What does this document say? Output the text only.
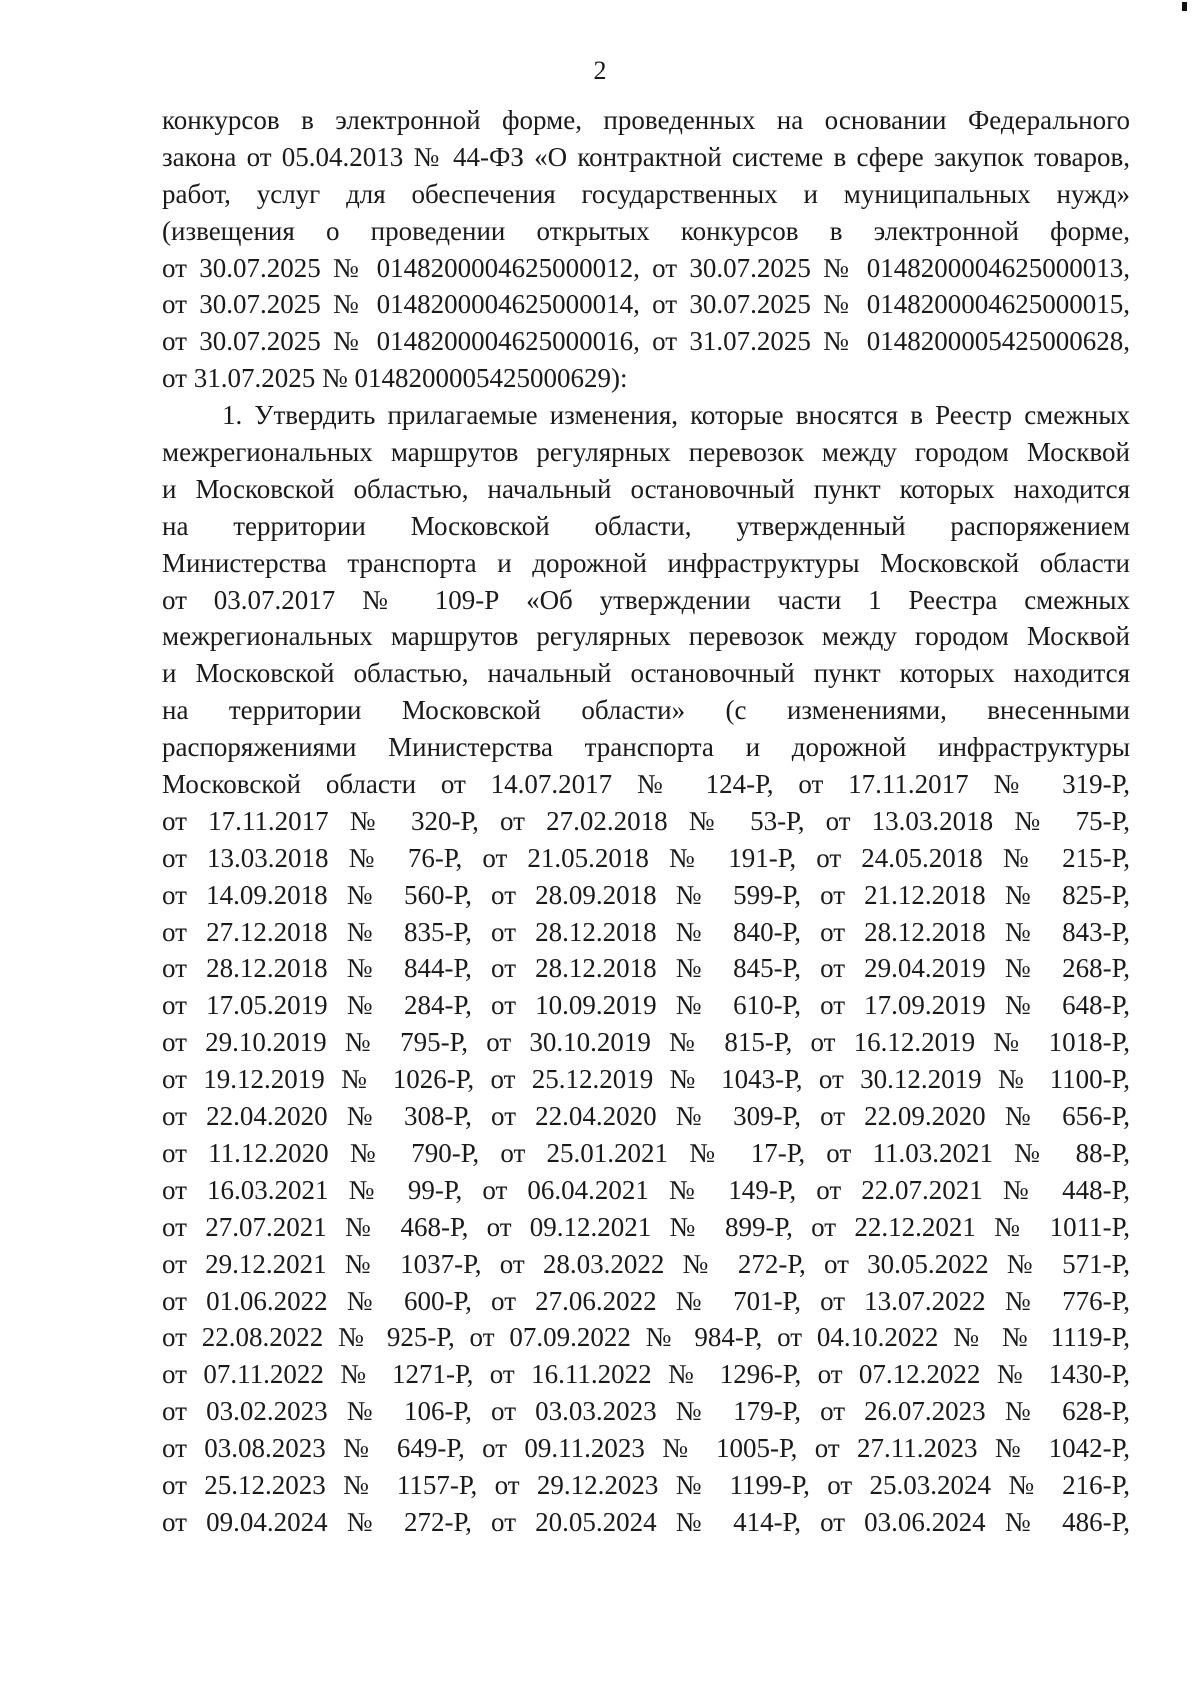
2

конкурсов в электронной форме, проведенных на основании Федерального
закона от 05.04.2013 № 44-ФЗ «О контрактной системе в сфере закупок товаров,
работ, услуг для обеспечения государственных и муниципальных нужд»
(извещения о проведении открытых конкурсов в электронной форме,
от 30.07.2025 № 0148200004625000012, от 30.07.2025 № 0148200004625000013,
от 30.07.2025 № 0148200004625000014, от 30.07.2025 № 0148200004625000015,
от 30.07.2025 № 0148200004625000016, от 31.07.2025 № 0148200005425000628,
от 31.07.2025 № 0148200005425000629):
1. Утвердить прилагаемые изменения, которые вносятся в Реестр смежных
межрегиональных маршрутов регулярных перевозок между городом Москвой
и Московской областью, начальный остановочный пункт которых находится
на территории Московской области, утвержденный распоряжением
Министерства транспорта и дорожной инфраструктуры Московской области
от 03.07.2017 № 109-Р «Об утверждении части 1 Реестра смежных
межрегиональных маршрутов регулярных перевозок между городом Москвой
и Московской областью, начальный остановочный пункт которых находится
на территории Московской области» (с изменениями, внесенными
распоряжениями Министерства транспорта и дорожной инфраструктуры
Московской области от 14.07.2017 № 124-Р, от 17.11.2017 № 319-Р,
от 17.11.2017 № 320-Р, от 27.02.2018 № 53-Р, от 13.03.2018 № 75-Р,
от 13.03.2018 № 76-Р, от 21.05.2018 № 191-Р, от 24.05.2018 № 215-Р,
от 14.09.2018 № 560-Р, от 28.09.2018 № 599-Р, от 21.12.2018 № 825-Р,
от 27.12.2018 № 835-Р, от 28.12.2018 № 840-Р, от 28.12.2018 № 843-Р,
от 28.12.2018 № 844-Р, от 28.12.2018 № 845-Р, от 29.04.2019 № 268-Р,
от 17.05.2019 № 284-Р, от 10.09.2019 № 610-Р, от 17.09.2019 № 648-Р,
от 29.10.2019 № 795-Р, от 30.10.2019 № 815-Р, от 16.12.2019 № 1018-Р,
от 19.12.2019 № 1026-Р, от 25.12.2019 № 1043-Р, от 30.12.2019 № 1100-Р,
от 22.04.2020 № 308-Р, от 22.04.2020 № 309-Р, от 22.09.2020 № 656-Р,
от 11.12.2020 № 790-Р, от 25.01.2021 № 17-Р, от 11.03.2021 № 88-Р,
от 16.03.2021 № 99-Р, от 06.04.2021 № 149-Р, от 22.07.2021 № 448-Р,
от 27.07.2021 № 468-Р, от 09.12.2021 № 899-Р, от 22.12.2021 № 1011-Р,
от 29.12.2021 № 1037-Р, от 28.03.2022 № 272-Р, от 30.05.2022 № 571-Р,
от 01.06.2022 № 600-Р, от 27.06.2022 № 701-Р, от 13.07.2022 № 776-Р,
от 22.08.2022 № 925-Р, от 07.09.2022 № 984-Р, от 04.10.2022 № № 1119-Р,
от 07.11.2022 № 1271-Р, от 16.11.2022 № 1296-Р, от 07.12.2022 № 1430-Р,
от 03.02.2023 № 106-Р, от 03.03.2023 № 179-Р, от 26.07.2023 № 628-Р,
от 03.08.2023 № 649-Р, от 09.11.2023 № 1005-Р, от 27.11.2023 № 1042-Р,
от 25.12.2023 № 1157-Р, от 29.12.2023 № 1199-Р, от 25.03.2024 № 216-Р,
от 09.04.2024 № 272-Р, от 20.05.2024 № 414-Р, от 03.06.2024 № 486-Р,
